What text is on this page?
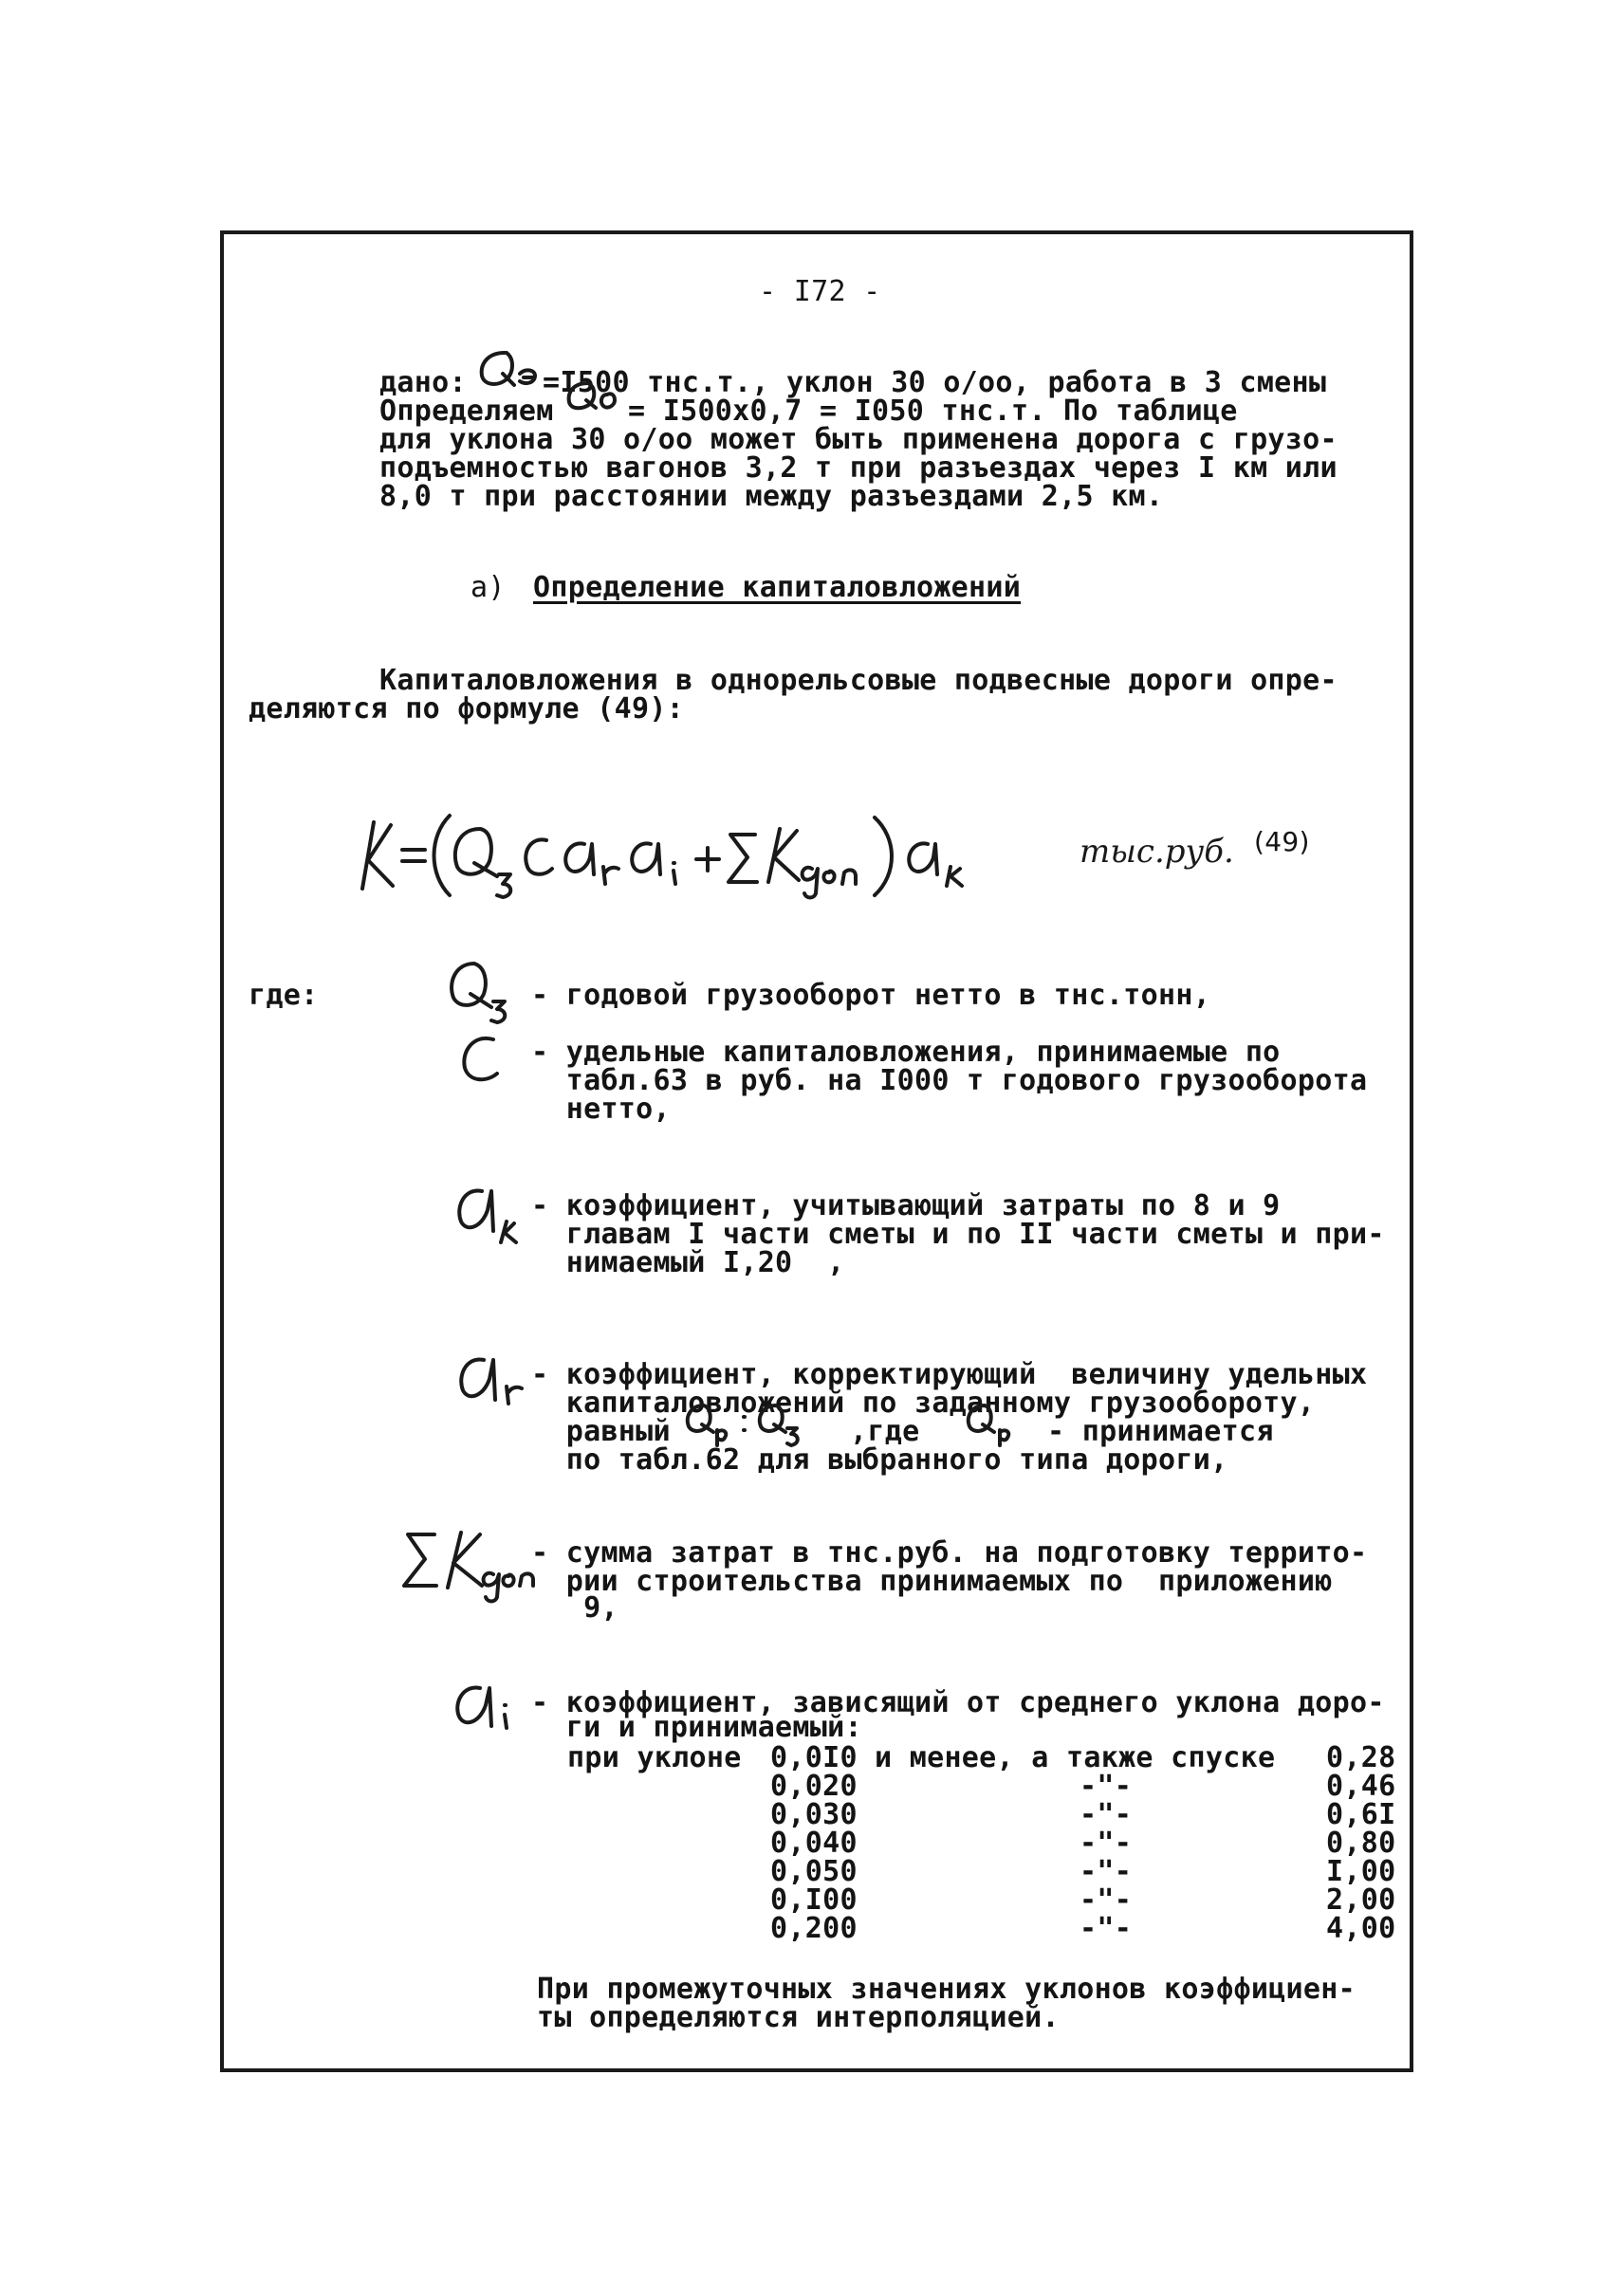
- I72 -
дано:	=I500 тнс.т., уклон 30 о/оо, работа в 3 смены
Определяем	= I500x0,7 = I050 тнс.т. По таблице
для уклона 30 о/оо может быть применена дорога с грузо-
подъемностью вагонов 3,2 т при разъездах через I км или
8,0 т при расстоянии между разъездами 2,5 км.
а) Определение капиталовложений
Капиталовложения в однорельсовые подвесные дороги опре-
деляются по формуле (49):
тыс.руб. (49)
где:	- годовой грузооборот нетто в тнс.тонн,
- удельные капиталовложения, принимаемые по
табл.63 в руб. на I000 т годового грузооборота
нетто,
- коэффициент, учитывающий затраты по 8 и 9
главам I части сметы и по II части сметы и при-
нимаемый I,20  ,
- коэффициент, корректирующий  величину удельных
капиталовложений по заданному грузообороту,
равный	,где	- принимается
по табл.62 для выбранного типа дороги,
- сумма затрат в тнс.руб. на подготовку террито-
рии строительства принимаемых по  приложению
9,
- коэффициент, зависящий от среднего уклона доро-
ги и принимаемый:
при уклоне 0,0I0 и менее, а также спуске 0,28
0,020	-"-	0,46
0,030	-"-	0,6I
0,040	-"-	0,80
0,050	-"-	I,00
0,I00	-"-	2,00
0,200	-"-	4,00
При промежуточных значениях уклонов коэффициен-
ты определяются интерполяцией.
